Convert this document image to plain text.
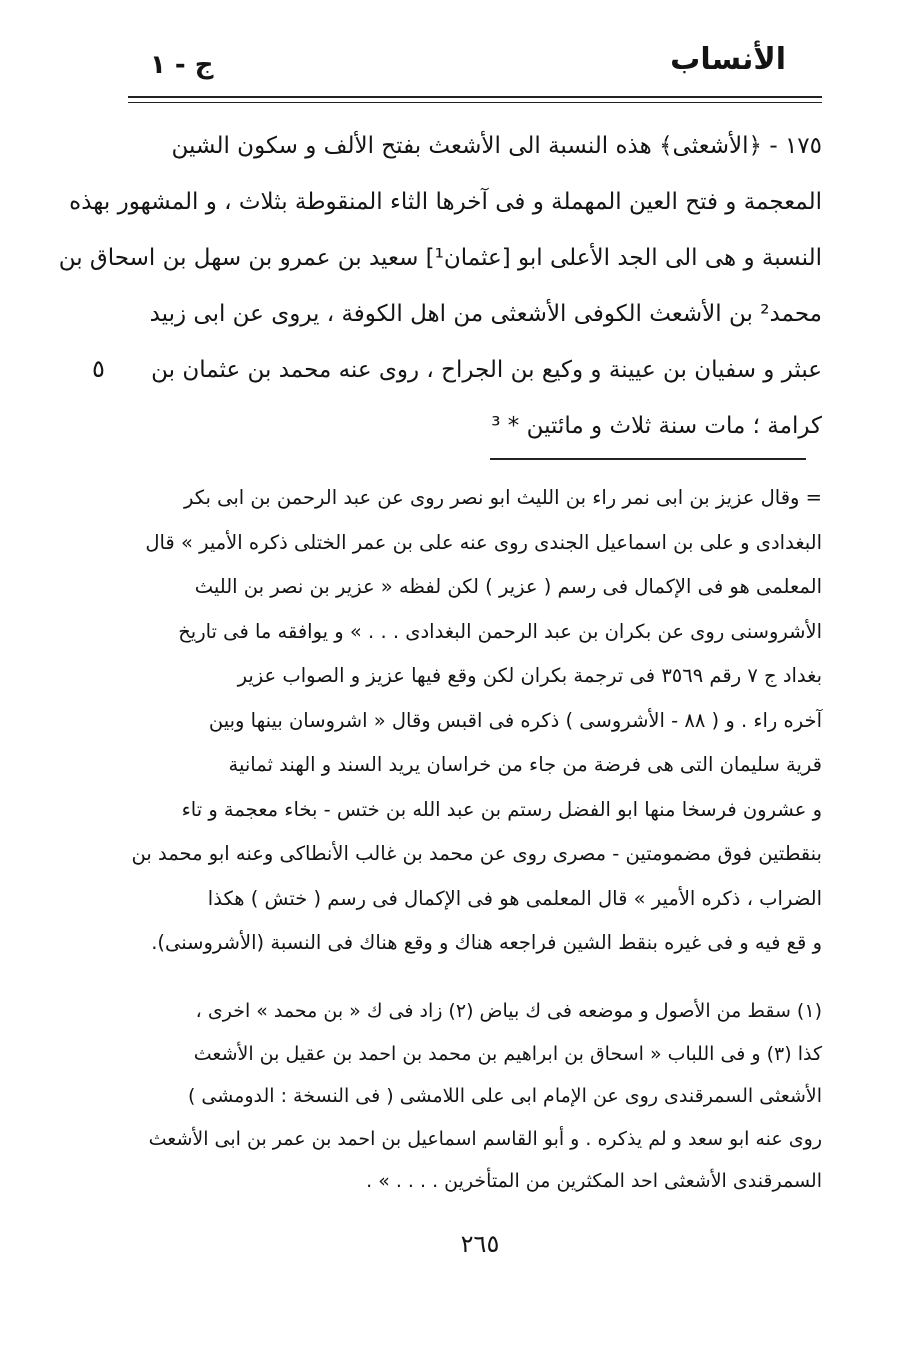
الأنساب
ج - ١
١٧٥ - ﴿الأشعثى﴾ هذه النسبة الى الأشعث بفتح الألف و سكون الشين
المعجمة و فتح العين المهملة و فى آخرها الثاء المنقوطة بثلاث ، و المشهور بهذه
النسبة و هى الى الجد الأعلى ابو [عثمان¹] سعيد بن عمرو بن سهل بن اسحاق بن
محمد² بن الأشعث الكوفى الأشعثى من اهل الكوفة ، يروى عن ابى زبيد
عبثر و سفيان بن عيينة و وكيع بن الجراح ، روى عنه محمد بن عثمان بن
كرامة ؛ مات سنة ثلاث و مائتين * ³
٥
= وقال عزيز بن ابى نمر راء بن الليث ابو نصر روى عن عبد الرحمن بن ابى بكر
البغدادى و على بن اسماعيل الجندى روى عنه على بن عمر الختلى ذكره الأمير » قال
المعلمى هو فى الإكمال فى رسم ( عزير ) لكن لفظه « عزير بن نصر بن الليث
الأشروسنى روى عن بكران بن عبد الرحمن البغدادى . . . » و يوافقه ما فى تاريخ
بغداد ج ٧ رقم ٣٥٦٩ فى ترجمة بكران لكن وقع فيها عزيز و الصواب عزير
آخره راء . و ( ٨٨ - الأشروسى ) ذكره فى اقبس وقال « اشروسان بينها وبين
قرية سليمان التى هى فرضة من جاء من خراسان يريد السند و الهند ثمانية
و عشرون فرسخا منها ابو الفضل رستم بن عبد الله بن ختس - بخاء معجمة و تاء
بنقطتين فوق مضمومتين - مصرى روى عن محمد بن غالب الأنطاكى وعنه ابو محمد بن
الضراب ، ذكره الأمير » قال المعلمى هو فى الإكمال فى رسم ( ختش ) هكذا
و قع فيه و فى غيره بنقط الشين فراجعه هناك و وقع هناك فى النسبة (الأشروسنى).
(١) سقط من الأصول و موضعه فى ك بياض (٢) زاد فى ك « بن محمد » اخرى ،
كذا (٣) و فى اللباب « اسحاق بن ابراهيم بن محمد بن احمد بن عقيل بن الأشعث
الأشعثى السمرقندى روى عن الإمام ابى على اللامشى ( فى النسخة : الدومشى )
روى عنه ابو سعد و لم يذكره . و أبو القاسم اسماعيل بن احمد بن عمر بن ابى الأشعث
السمرقندى الأشعثى احد المكثرين من المتأخرين . . . . » .
٢٦٥
